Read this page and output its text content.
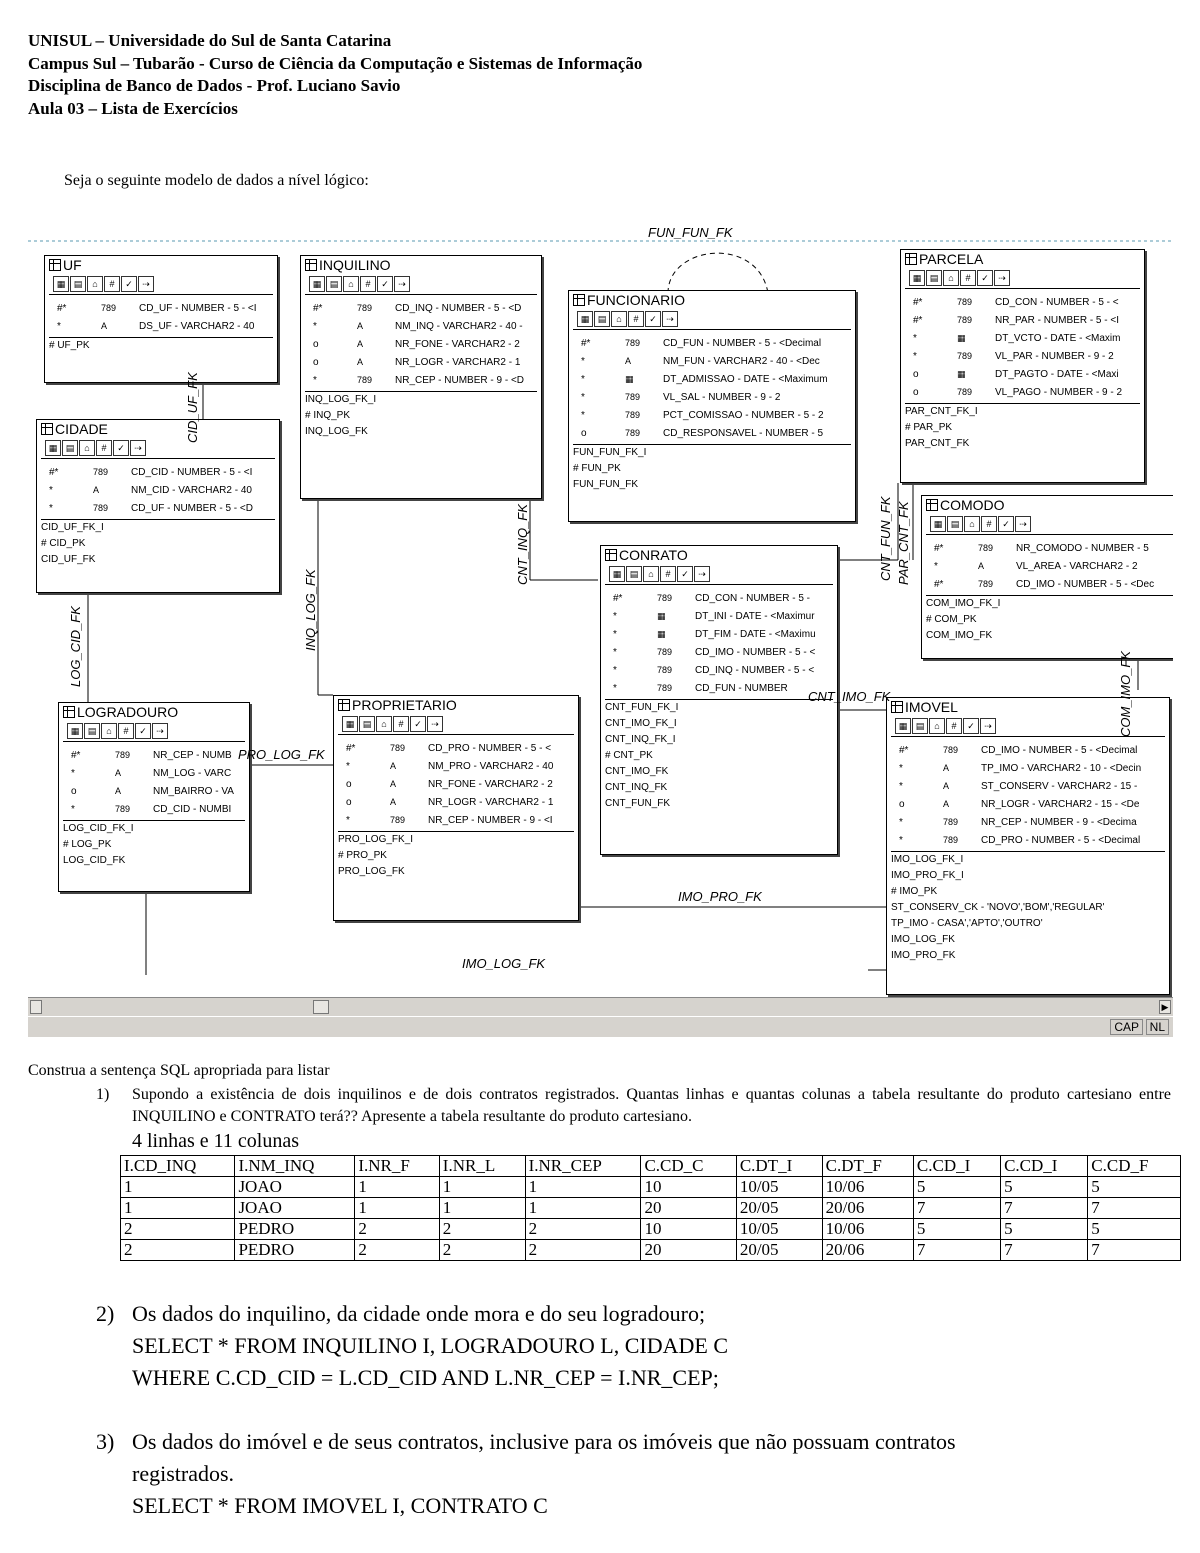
UNISUL – Universidade do Sul de Santa Catarina
Campus Sul – Tubarão - Curso de Ciência da Computação e Sistemas de Informação
Disciplina de Banco de Dados - Prof. Luciano Savio
Aula 03 – Lista de Exercícios
Seja o seguinte modelo de dados a nível lógico:
UF
▦ ▤	⌂	#	✓	⇢
#*	789 CD_UF - NUMBER - 5 - <I
*	A	DS_UF - VARCHAR2 - 40
# UF_PK
INQUILINO
▦ ▤	⌂	#	✓	⇢
#*	789 CD_INQ - NUMBER - 5 - <D
*	A	NM_INQ - VARCHAR2 - 40 -
o	A	NR_FONE - VARCHAR2 - 2
o	A	NR_LOGR - VARCHAR2 - 1
*	789 NR_CEP - NUMBER - 9 - <D
INQ_LOG_FK_I
# INQ_PK
INQ_LOG_FK
FUNCIONARIO
▦ ▤	⌂	#	✓	⇢
#*	789 CD_FUN - NUMBER - 5 - <Decimal
*	A	NM_FUN - VARCHAR2 - 40 - <Dec
*	▦	DT_ADMISSAO - DATE - <Maximum
*	789 VL_SAL - NUMBER - 9 - 2
*	789 PCT_COMISSAO - NUMBER - 5 - 2
o	789 CD_RESPONSAVEL - NUMBER - 5
FUN_FUN_FK_I
# FUN_PK
FUN_FUN_FK
PARCELA
▦ ▤	⌂	#	✓	⇢
#*	789 CD_CON - NUMBER - 5 - <
#*	789 NR_PAR - NUMBER - 5 - <I
*	▦	DT_VCTO - DATE - <Maxim
*	789 VL_PAR - NUMBER - 9 - 2
o	▦	DT_PAGTO - DATE - <Maxi
o	789 VL_PAGO - NUMBER - 9 - 2
PAR_CNT_FK_I
# PAR_PK
PAR_CNT_FK
CIDADE
▦ ▤	⌂	#	✓	⇢
#*	789 CD_CID - NUMBER - 5 - <I
*	A	NM_CID - VARCHAR2 - 40
*	789 CD_UF - NUMBER - 5 - <D
CID_UF_FK_I
# CID_PK
CID_UF_FK
COMODO
▦ ▤	⌂	#	✓	⇢
#*	789 NR_COMODO - NUMBER - 5
*	A	VL_AREA - VARCHAR2 - 2
#*	789 CD_IMO - NUMBER - 5 - <Dec
COM_IMO_FK_I
# COM_PK
COM_IMO_FK
CONRATO
▦ ▤	⌂	#	✓	⇢
#*	789 CD_CON - NUMBER - 5 -
*	▦	DT_INI - DATE - <Maximur
*	▦	DT_FIM - DATE - <Maximu
*	789 CD_IMO - NUMBER - 5 - <
*	789 CD_INQ - NUMBER - 5 - <
*	789 CD_FUN - NUMBER
CNT_FUN_FK_I
CNT_IMO_FK_I
CNT_INQ_FK_I
# CNT_PK
CNT_IMO_FK
CNT_INQ_FK
CNT_FUN_FK
LOGRADOURO
▦ ▤	⌂	#	✓	⇢
#*	789 NR_CEP - NUMB
*	A	NM_LOG - VARC
o	A	NM_BAIRRO - VA
*	789 CD_CID - NUMBI
LOG_CID_FK_I
# LOG_PK
LOG_CID_FK
PROPRIETARIO
▦ ▤	⌂	#	✓	⇢
#*	789 CD_PRO - NUMBER - 5 - <
*	A	NM_PRO - VARCHAR2 - 40
o	A	NR_FONE - VARCHAR2 - 2
o	A	NR_LOGR - VARCHAR2 - 1
*	789 NR_CEP - NUMBER - 9 - <I
PRO_LOG_FK_I
# PRO_PK
PRO_LOG_FK
IMOVEL
▦ ▤	⌂	#	✓	⇢
#*	789 CD_IMO - NUMBER - 5 - <Decimal
*	A	TP_IMO - VARCHAR2 - 10 - <Decin
*	A	ST_CONSERV - VARCHAR2 - 15 -
o	A	NR_LOGR - VARCHAR2 - 15 - <De
*	789 NR_CEP - NUMBER - 9 - <Decima
*	789 CD_PRO - NUMBER - 5 - <Decimal
IMO_LOG_FK_I
IMO_PRO_FK_I
# IMO_PK
ST_CONSERV_CK - 'NOVO','BOM','REGULAR'
TP_IMO - CASA','APTO','OUTRO'
IMO_LOG_FK
IMO_PRO_FK
FUN_FUN_FK
CID_UF_FK
LOG_CID_FK	INQ_LOG_FK
CNT_INQ_FK	CNT_FUN_FK PAR_CNT_FK
CNT_IMO_FK	COM_IMO_FK
PRO_LOG_FK
IMO_PRO_FK
IMO_LOG_FK
▶
CAP NL
Construa a sentença SQL apropriada para listar
1) Supondo a existência de dois inquilinos e de dois contratos registrados. Quantas linhas e quantas colunas a tabela resultante do produto cartesiano entre INQUILINO e CONTRATO terá?? Apresente a tabela resultante do produto cartesiano.
4 linhas e 11 colunas
I.CD_INQ	I.NM_INQ	I.NR_F	I.NR_L	I.NR_CEP	C.CD_C	C.DT_I	C.DT_F	C.CD_I	C.CD_I	C.CD_F
1	JOAO	1	1	1	10	10/05	10/06	5	5	5
1	JOAO	1	1	1	20	20/05	20/06	7	7	7
2	PEDRO	2	2	2	10	10/05	10/06	5	5	5
2	PEDRO	2	2	2	20	20/05	20/06	7	7	7
2) Os dados do inquilino, da cidade onde mora e do seu logradouro;
SELECT * FROM INQUILINO I, LOGRADOURO L, CIDADE C
WHERE C.CD_CID = L.CD_CID AND L.NR_CEP = I.NR_CEP;
3) Os dados do imóvel e de seus contratos, inclusive para os imóveis que não possuam contratos
registrados.
SELECT * FROM IMOVEL I, CONTRATO C
